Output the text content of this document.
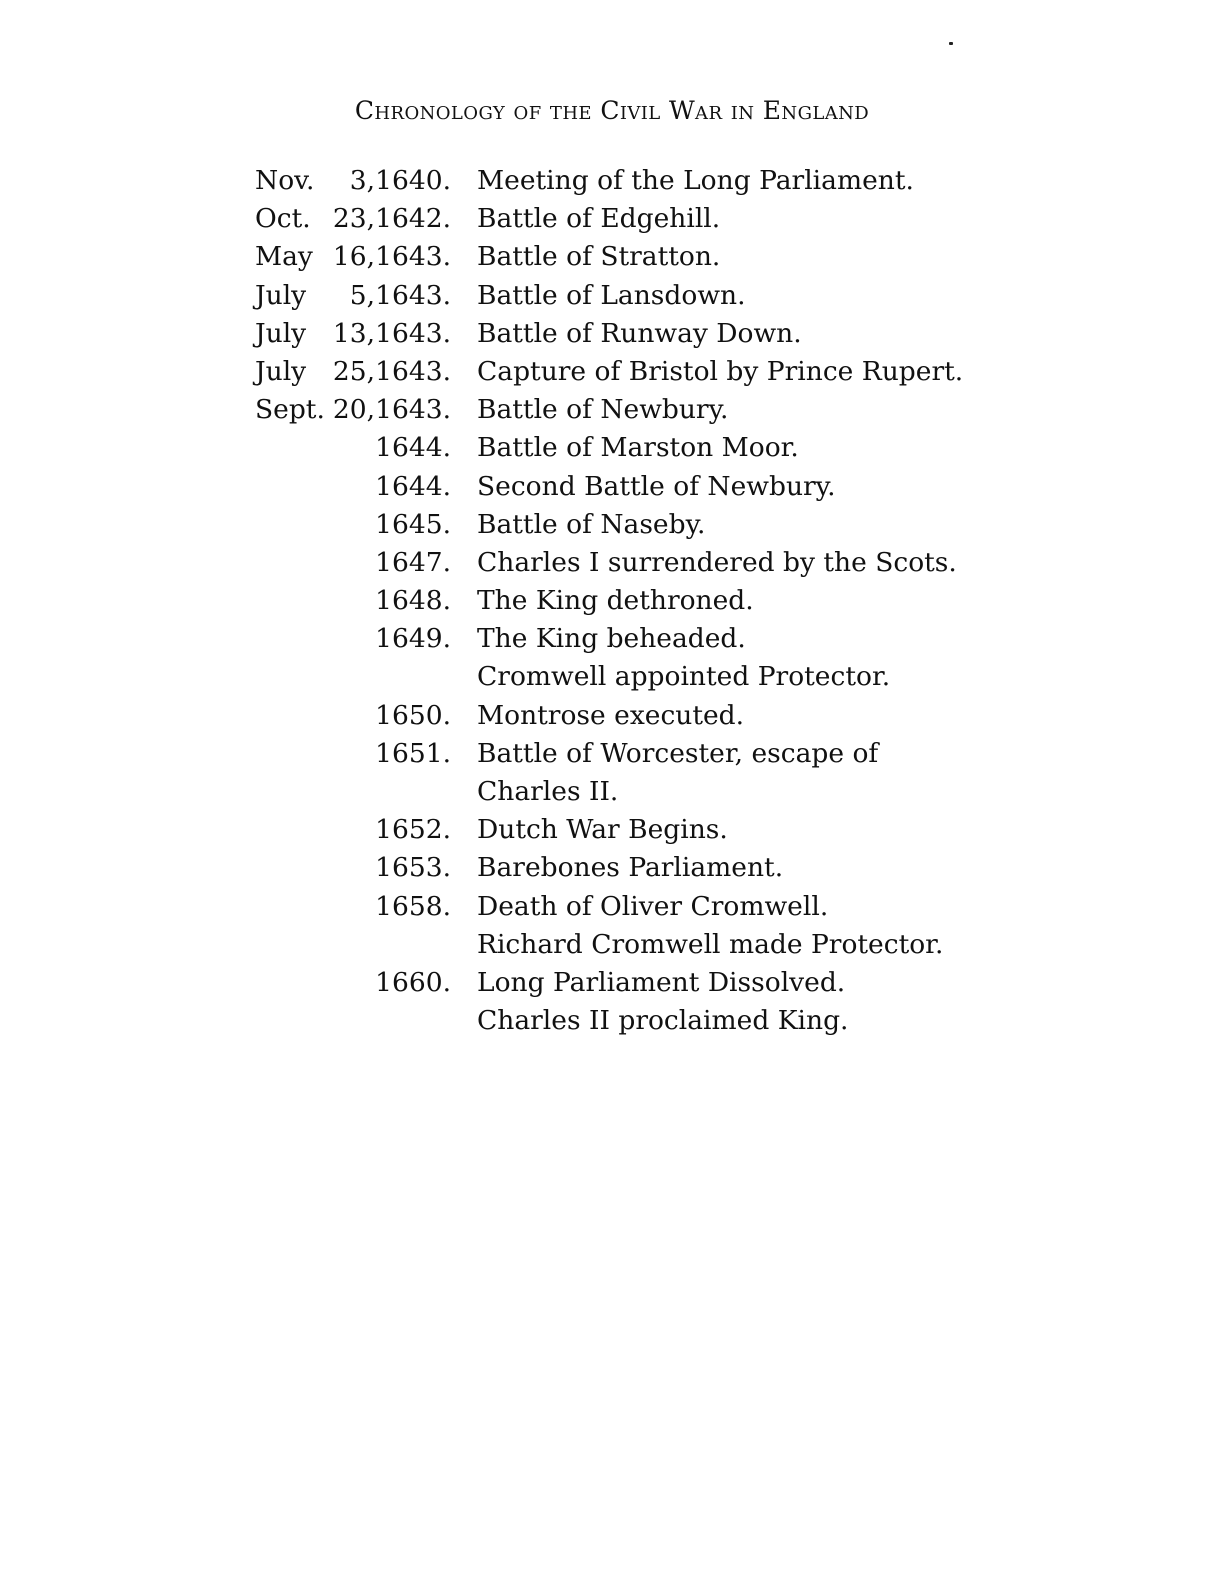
Chronology of the Civil War in England
Nov.	3, 1640. Meeting of the Long Parliament.
Oct. 23, 1642. Battle of Edgehill.
May 16, 1643. Battle of Stratton.
July	5, 1643. Battle of Lansdown.
July	13, 1643. Battle of Runway Down.
July	25, 1643. Capture of Bristol by Prince Rupert.
Sept. 20, 1643. Battle of Newbury.
1644. Battle of Marston Moor.
1644. Second Battle of Newbury.
1645. Battle of Naseby.
1647. Charles I surrendered by the Scots.
1648. The King dethroned.
1649. The King beheaded.
Cromwell appointed Protector.
1650. Montrose executed.
1651. Battle of Worcester, escape of
Charles II.
1652. Dutch War Begins.
1653. Barebones Parliament.
1658. Death of Oliver Cromwell.
Richard Cromwell made Protector.
1660. Long Parliament Dissolved.
Charles II proclaimed King.
